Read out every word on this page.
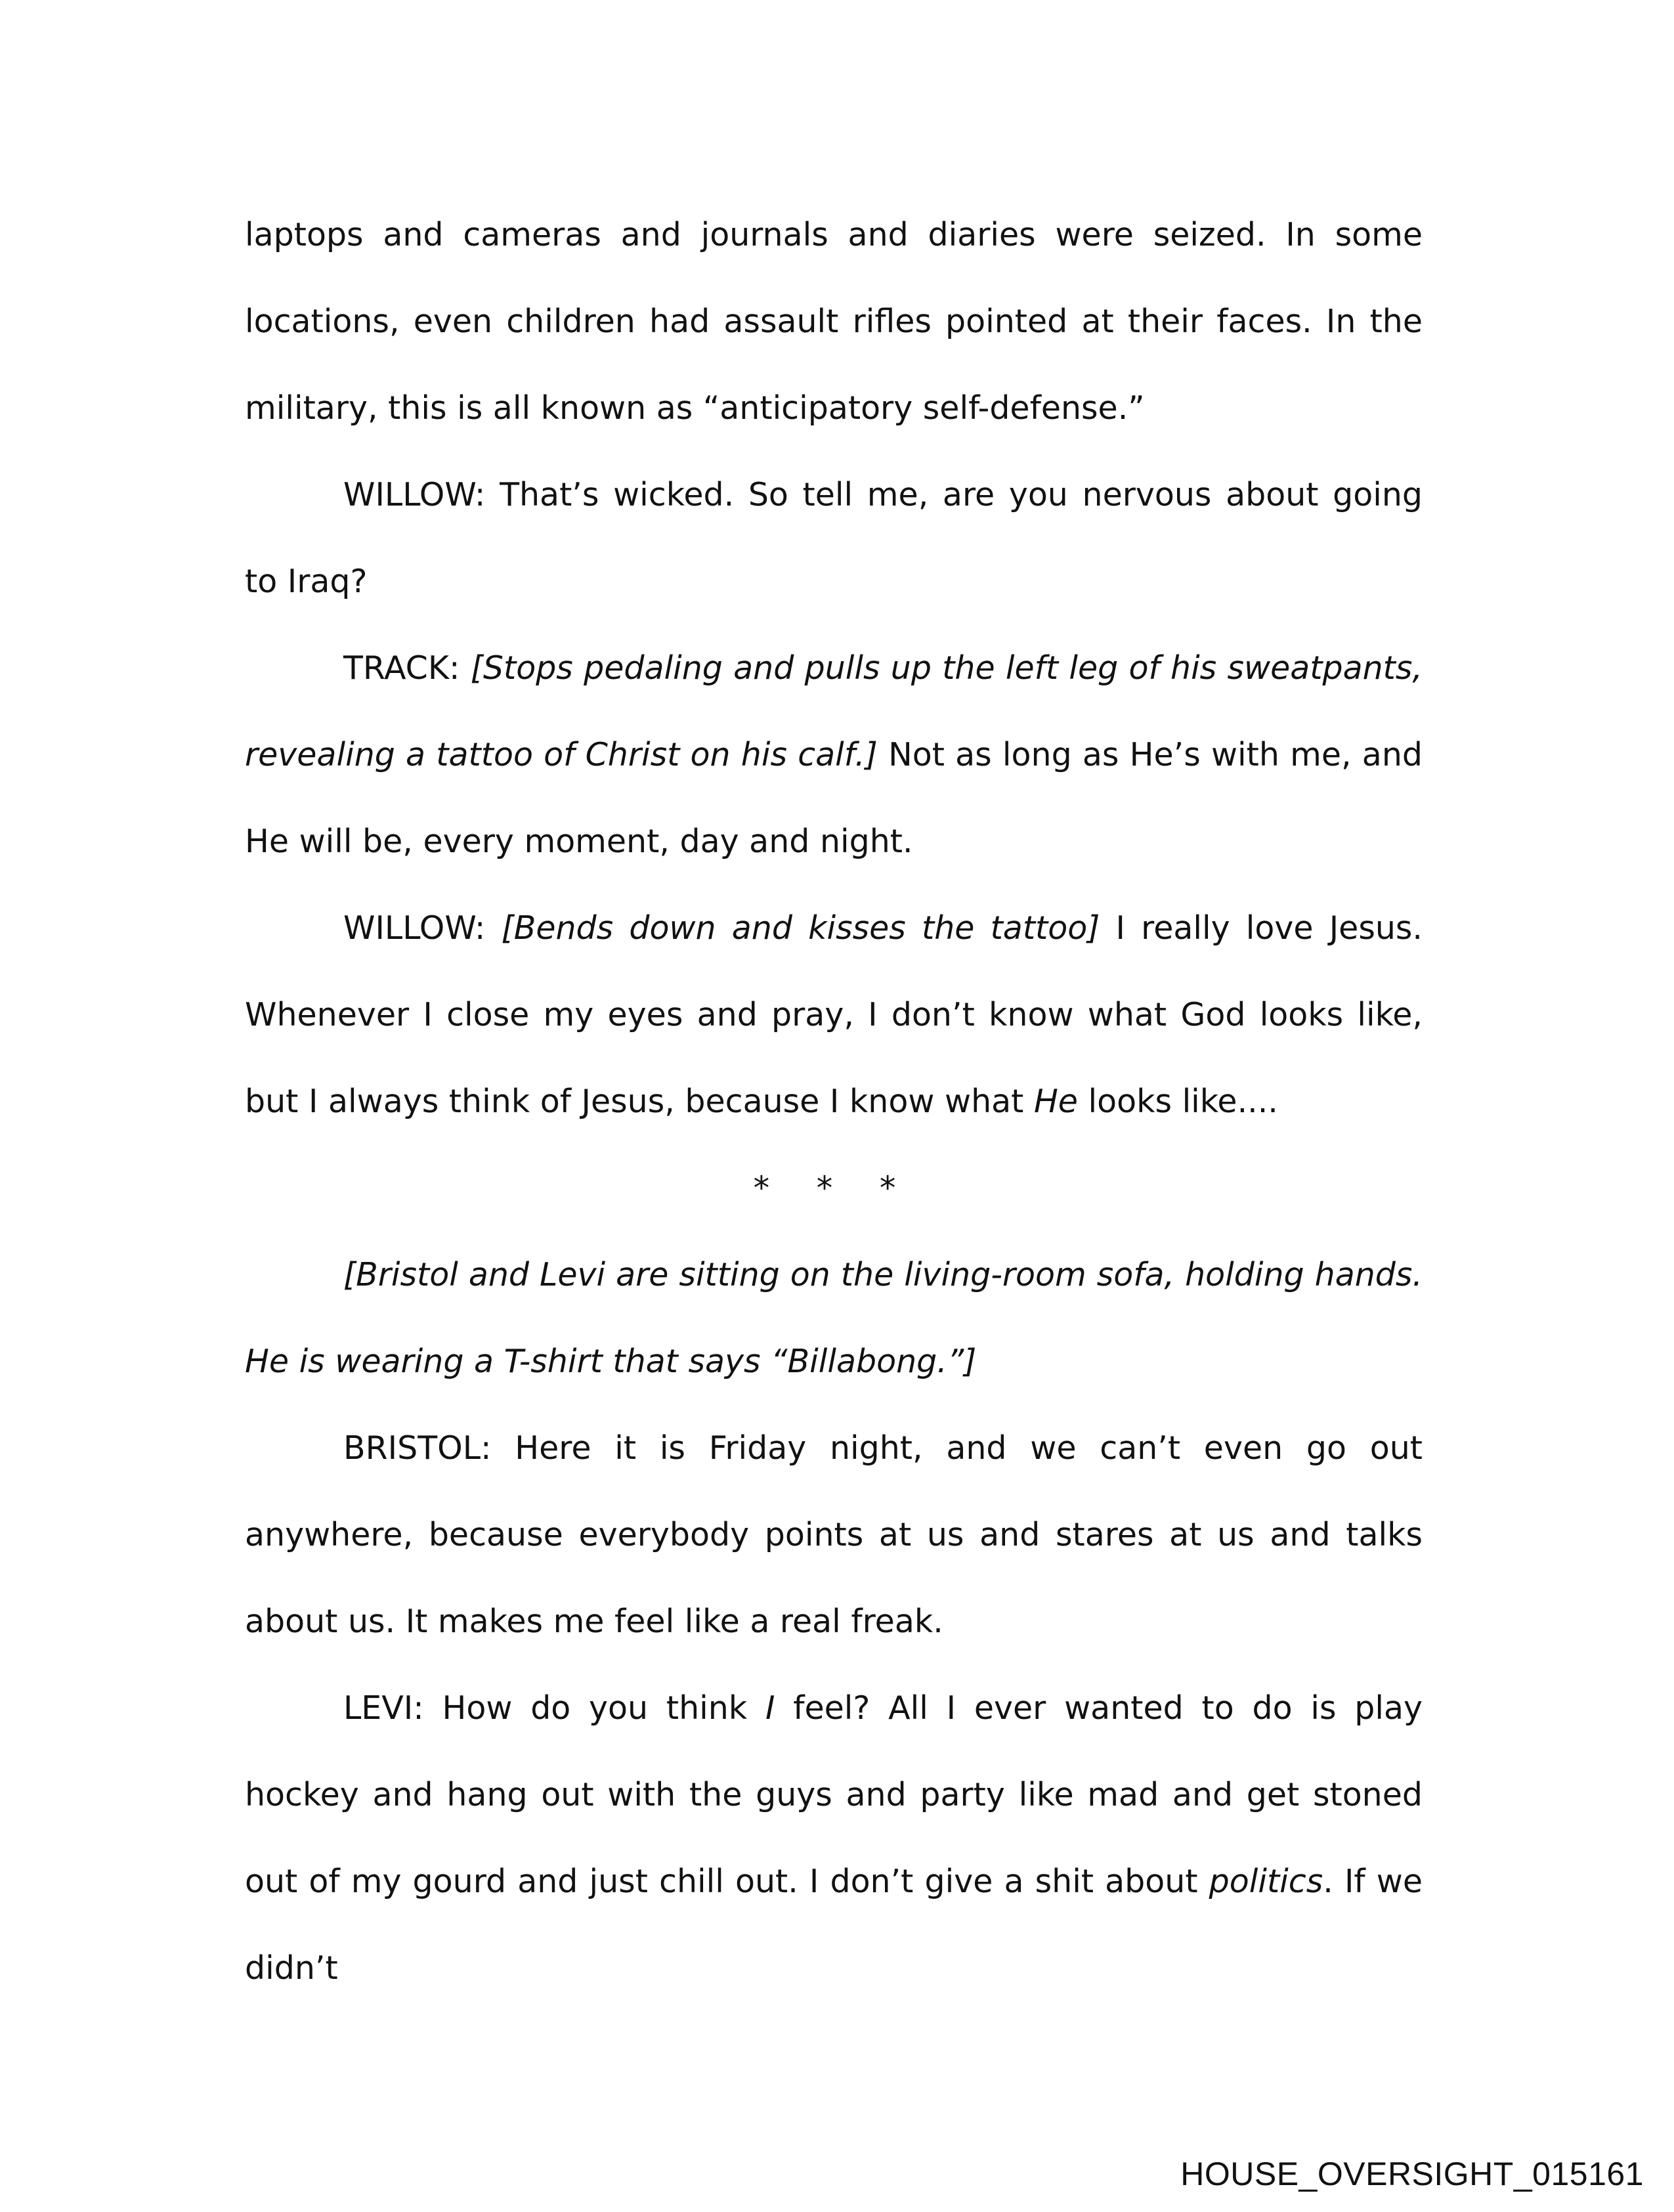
laptops and cameras and journals and diaries were seized. In some locations, even children had assault rifles pointed at their faces. In the military, this is all known as “anticipatory self-defense.”

WILLOW: That’s wicked. So tell me, are you nervous about going to Iraq?

TRACK: [Stops pedaling and pulls up the left leg of his sweatpants, revealing a tattoo of Christ on his calf.] Not as long as He’s with me, and He will be, every moment, day and night.

WILLOW: [Bends down and kisses the tattoo] I really love Jesus. Whenever I close my eyes and pray, I don’t know what God looks like, but I always think of Jesus, because I know what He looks like....

* * *

[Bristol and Levi are sitting on the living-room sofa, holding hands. He is wearing a T-shirt that says “Billabong.”]

BRISTOL: Here it is Friday night, and we can’t even go out anywhere, because everybody points at us and stares at us and talks about us. It makes me feel like a real freak.

LEVI: How do you think I feel? All I ever wanted to do is play hockey and hang out with the guys and party like mad and get stoned out of my gourd and just chill out. I don’t give a shit about politics. If we didn’t

HOUSE_OVERSIGHT_015161
